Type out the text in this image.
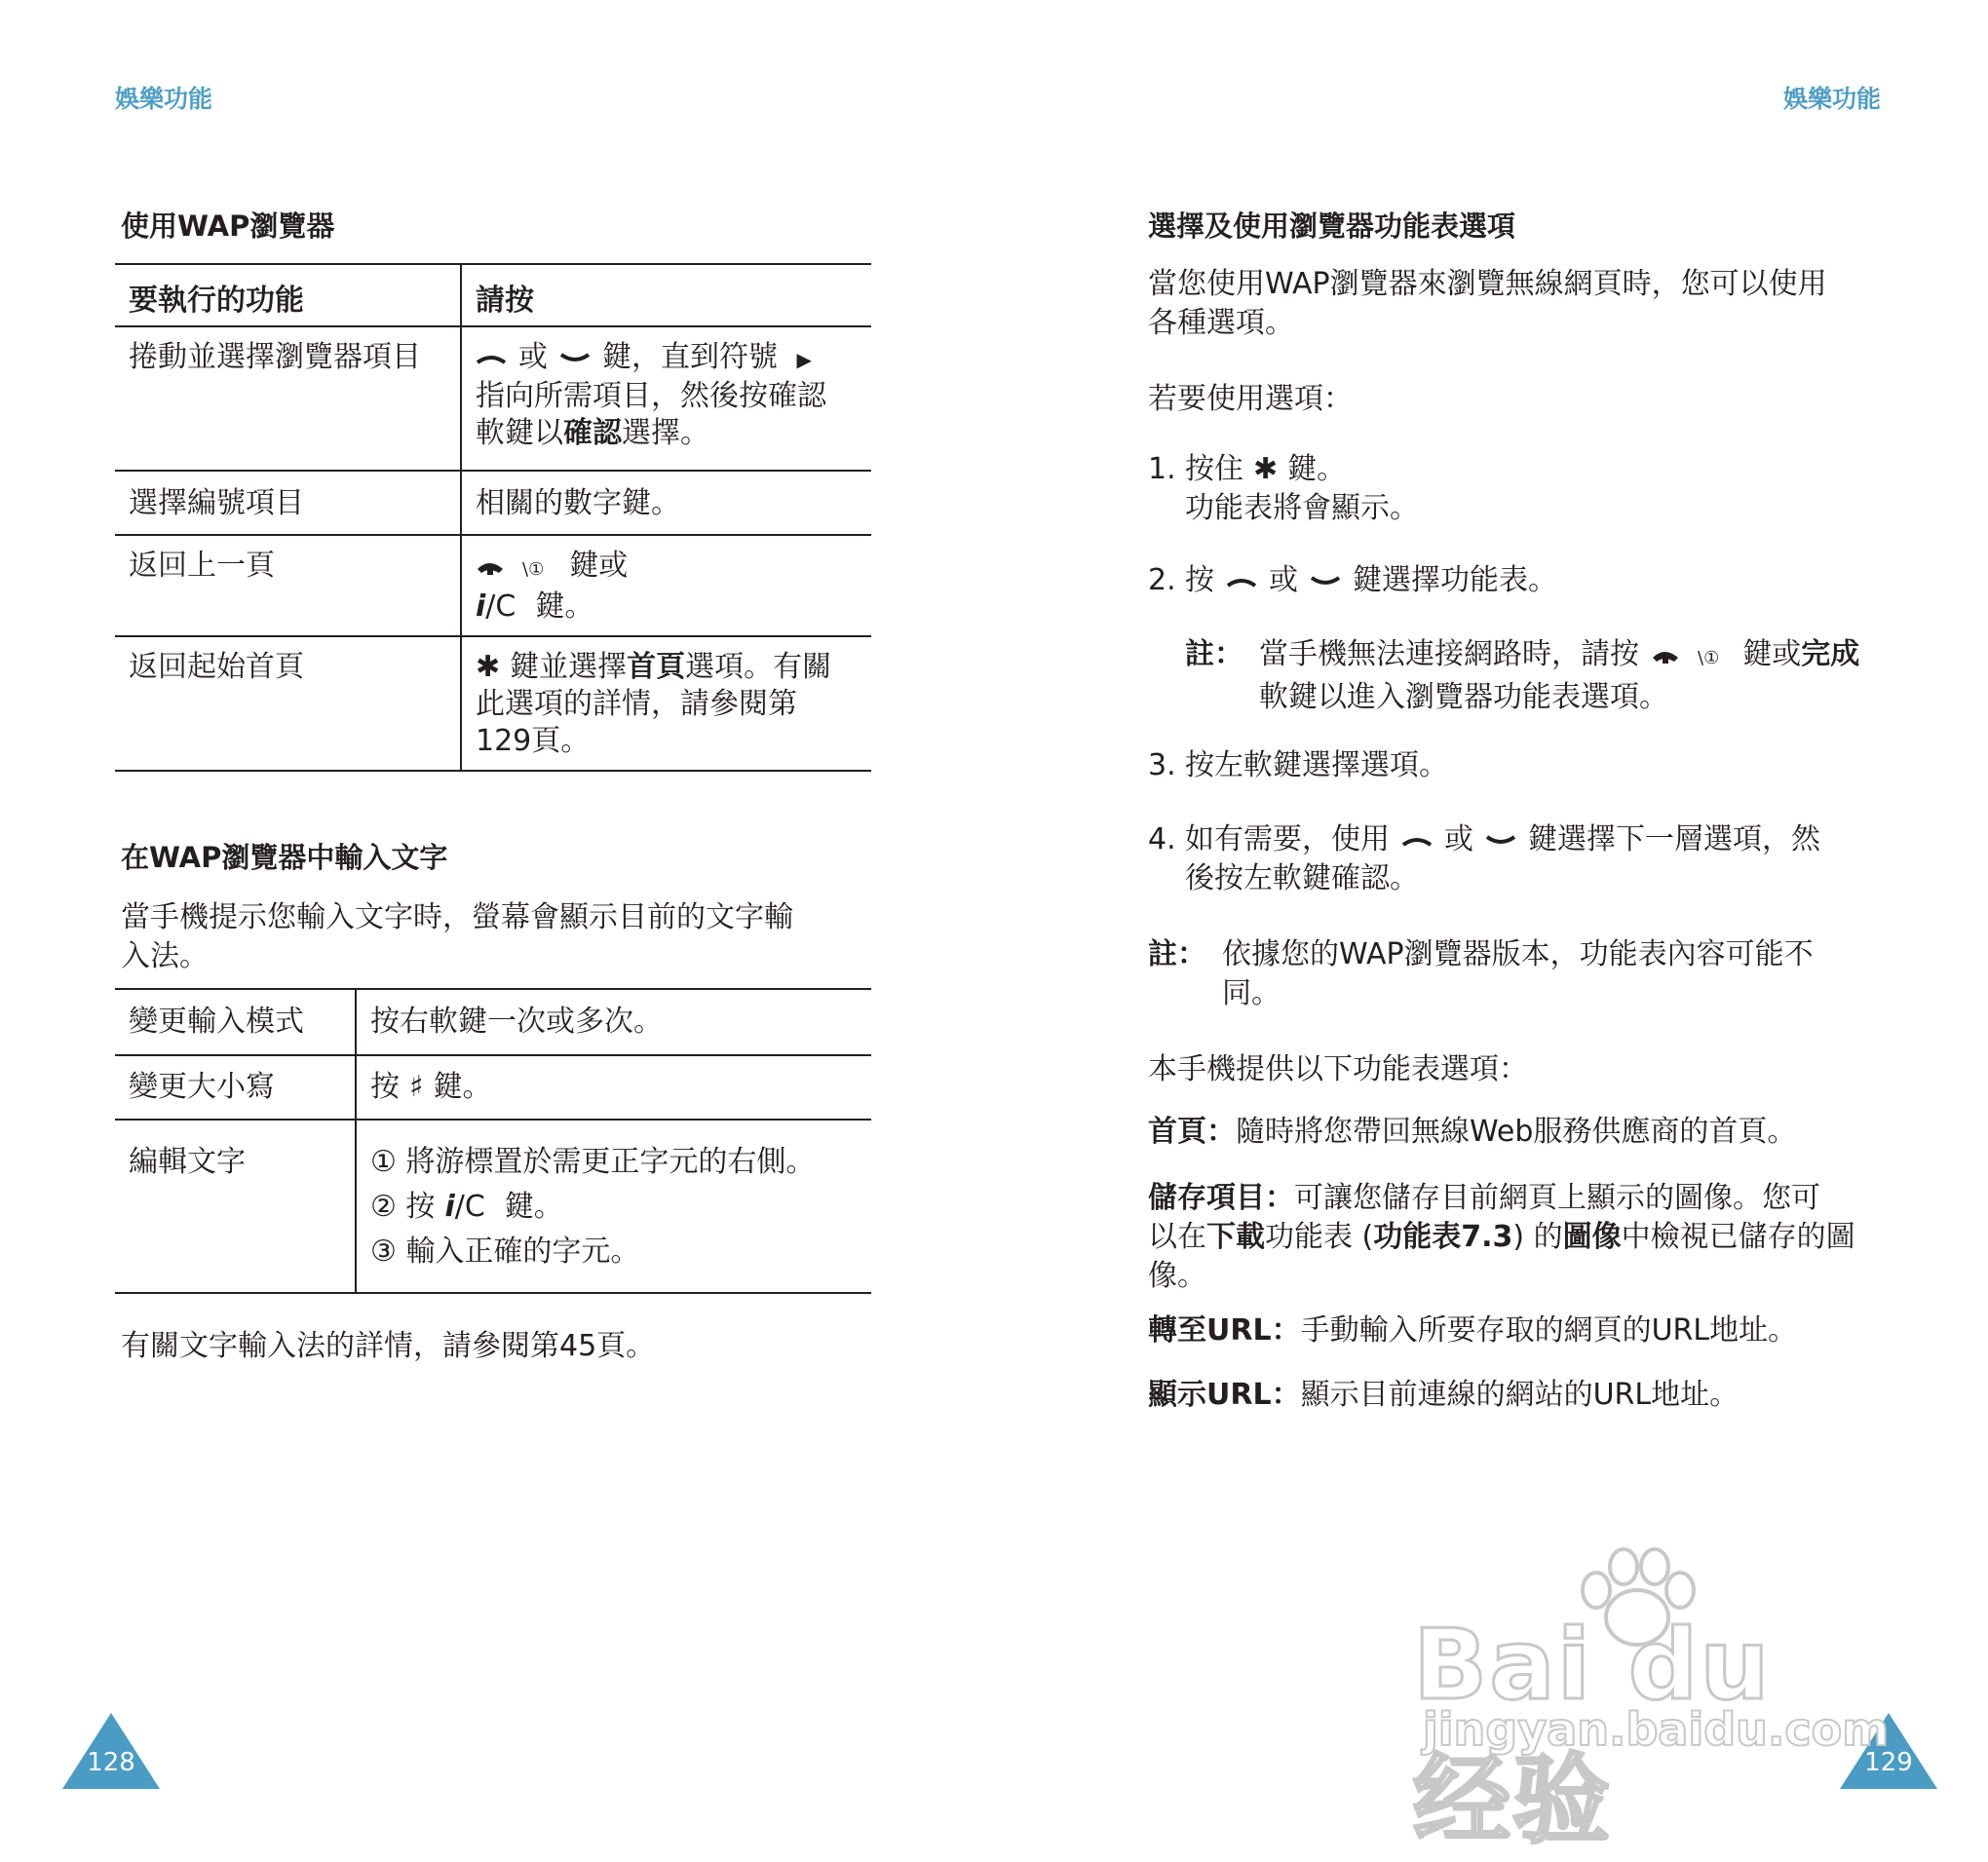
娛樂功能
使用WAP瀏覽器
要執行的功能	請按
捲動並選擇瀏覽器項目	或 鍵，直到符號 ▶
指向所需項目，然後按確認
軟鍵以確認選擇。

選擇編號項目	相關的數字鍵。
返回上一頁	\① 鍵或
i/C 鍵。

返回起始首頁	✱ 鍵並選擇首頁選項。有關
此選項的詳情，請參閱第
129頁。
在WAP瀏覽器中輸入文字
當手機提示您輸入文字時，螢幕會顯示目前的文字輸
入法。
變更輸入模式	按右軟鍵一次或多次。
變更大小寫	按 ♯ 鍵。
編輯文字	① 將游標置於需更正字元的右側。
② 按 i/C 鍵。
③ 輸入正確的字元。
有關文字輸入法的詳情，請參閱第45頁。
128
娛樂功能
選擇及使用瀏覽器功能表選項
當您使用WAP瀏覽器來瀏覽無線網頁時，您可以使用
各種選項。
若要使用選項：
1. 按住 ✱ 鍵。
功能表將會顯示。
2. 按 或 鍵選擇功能表。
註： 當手機無法連接網路時，請按	\① 鍵或完成
軟鍵以進入瀏覽器功能表選項。
3. 按左軟鍵選擇選項。
4. 如有需要，使用 或 鍵選擇下一層選項，然
後按左軟鍵確認。
註： 依據您的WAP瀏覽器版本，功能表內容可能不
同。
本手機提供以下功能表選項：
首頁：隨時將您帶回無線Web服務供應商的首頁。
儲存項目：可讓您儲存目前網頁上顯示的圖像。您可
以在下載功能表 (功能表7.3) 的圖像中檢視已儲存的圖
像。
轉至URL：手動輸入所要存取的網頁的URL地址。
顯示URL：顯示目前連線的網站的URL地址。
129
Bai du 经验
jingyan.baidu.com
